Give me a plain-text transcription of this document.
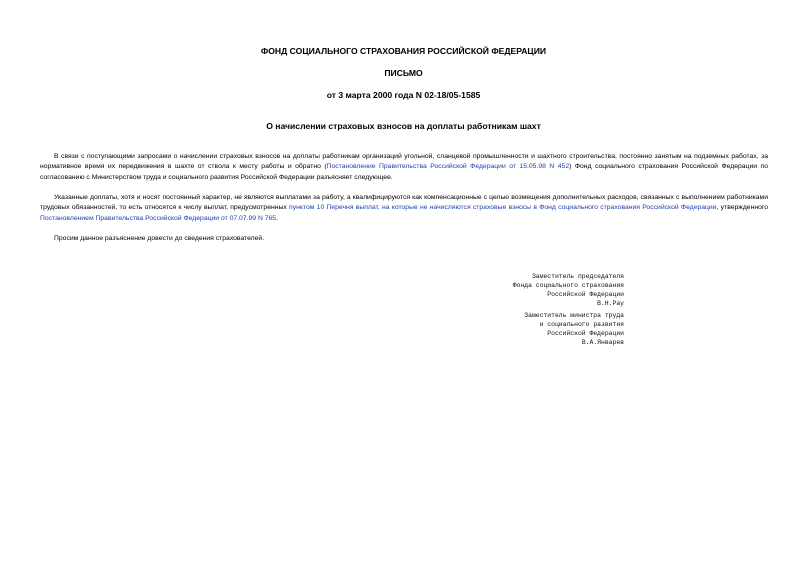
ФОНД СОЦИАЛЬНОГО СТРАХОВАНИЯ РОССИЙСКОЙ ФЕДЕРАЦИИ
ПИСЬМО
от 3 марта 2000 года N 02-18/05-1585
О начислении страховых взносов на доплаты работникам шахт
В связи с поступающими запросами о начислении страховых взносов на доплаты работникам организаций угольной, сланцевой промышленности и шахтного строительства, постоянно занятым на подземных работах, за нормативное время их передвижения в шахте от ствола к месту работы и обратно (Постановление Правительства Российской Федерации от 15.05.98 N 452) Фонд социального страхования Российской Федерации по согласованию с Министерством труда и социального развития Российской Федерации разъясняет следующее.
Указанные доплаты, хотя и носят постоянный характер, не являются выплатами за работу, а квалифицируются как компенсационные с целью возмещения дополнительных расходов, связанных с выполнением работниками трудовых обязанностей, то есть относятся к числу выплат, предусмотренных пунктом 10 Перечня выплат, на которые не начисляются страховые взносы в Фонд социального страхования Российской Федерации, утвержденного Постановлением Правительства Российской Федерации от 07.07.99 N 765.
Просим данное разъяснение довести до сведения страхователей.
Заместитель председателя
Фонда социального страхования
Российской Федерации
В.Н.Рау
Заместитель министра труда
и социального развития
Российской Федерации
В.А.Январев
